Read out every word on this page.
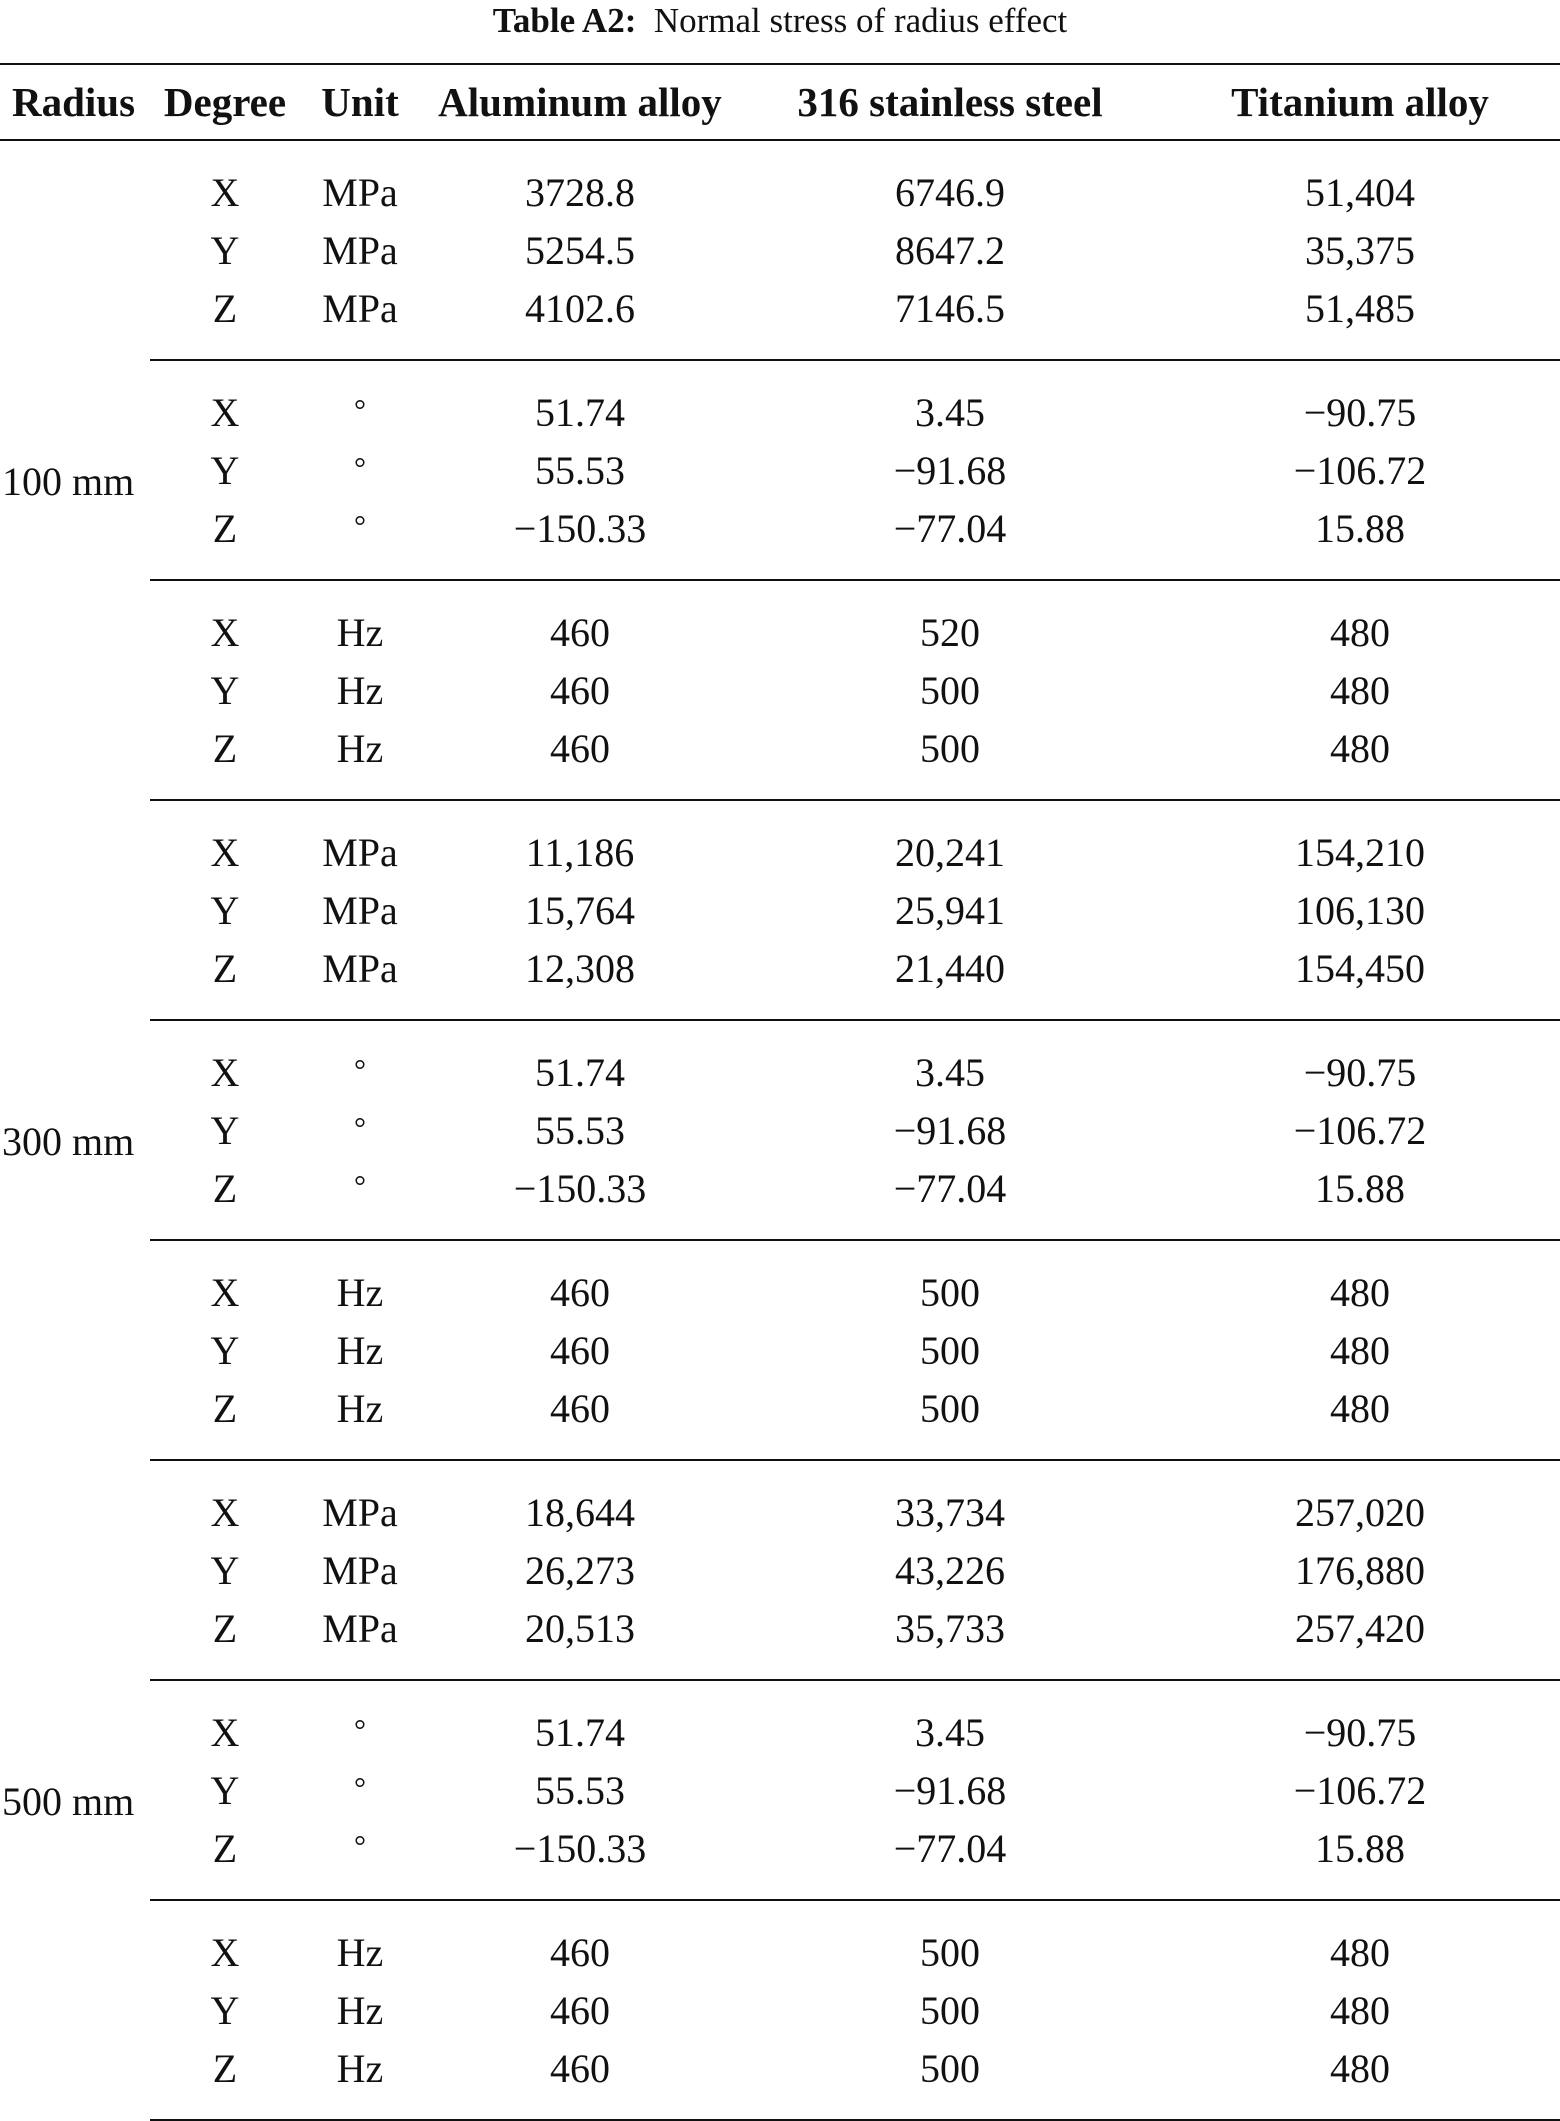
Table A2: Normal stress of radius effect
Radius	Degree	Unit	Aluminum alloy	316 stainless steel	Titanium alloy
100 mm	X	MPa	3728.8	6746.9	51,404
	Y	MPa	5254.5	8647.2	35,375
	Z	MPa	4102.6	7146.5	51,485
	X	°	51.74	3.45	−90.75
	Y	°	55.53	−91.68	−106.72
	Z	°	−150.33	−77.04	15.88
	X	Hz	460	520	480
	Y	Hz	460	500	480
	Z	Hz	460	500	480
300 mm	X	MPa	11,186	20,241	154,210
	Y	MPa	15,764	25,941	106,130
	Z	MPa	12,308	21,440	154,450
	X	°	51.74	3.45	−90.75
	Y	°	55.53	−91.68	−106.72
	Z	°	−150.33	−77.04	15.88
	X	Hz	460	500	480
	Y	Hz	460	500	480
	Z	Hz	460	500	480
500 mm	X	MPa	18,644	33,734	257,020
	Y	MPa	26,273	43,226	176,880
	Z	MPa	20,513	35,733	257,420
	X	°	51.74	3.45	−90.75
	Y	°	55.53	−91.68	−106.72
	Z	°	−150.33	−77.04	15.88
	X	Hz	460	500	480
	Y	Hz	460	500	480
	Z	Hz	460	500	480
